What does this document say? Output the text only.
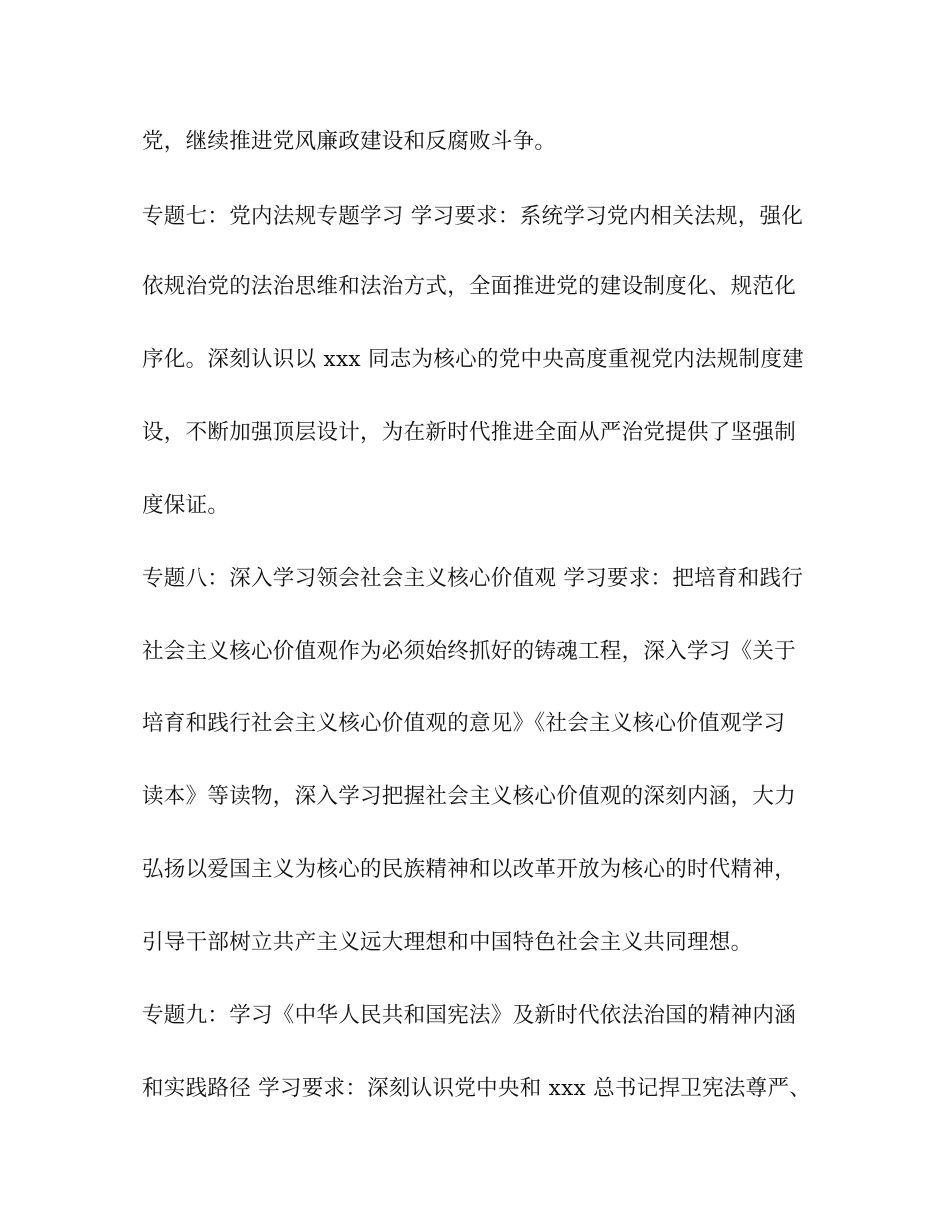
党，继续推进党风廉政建设和反腐败斗争。
专题七：党内法规专题学习 学习要求：系统学习党内相关法规，强化
依规治党的法治思维和法治方式，全面推进党的建设制度化、规范化
序化。深刻认识以 xxx 同志为核心的党中央高度重视党内法规制度建
设，不断加强顶层设计，为在新时代推进全面从严治党提供了坚强制
度保证。
专题八：深入学习领会社会主义核心价值观 学习要求：把培育和践行
社会主义核心价值观作为必须始终抓好的铸魂工程，深入学习《关于
培育和践行社会主义核心价值观的意见》《社会主义核心价值观学习
读本》等读物，深入学习把握社会主义核心价值观的深刻内涵，大力
弘扬以爱国主义为核心的民族精神和以改革开放为核心的时代精神，
引导干部树立共产主义远大理想和中国特色社会主义共同理想。
专题九：学习《中华人民共和国宪法》及新时代依法治国的精神内涵
和实践路径 学习要求：深刻认识党中央和 xxx 总书记捍卫宪法尊严、
